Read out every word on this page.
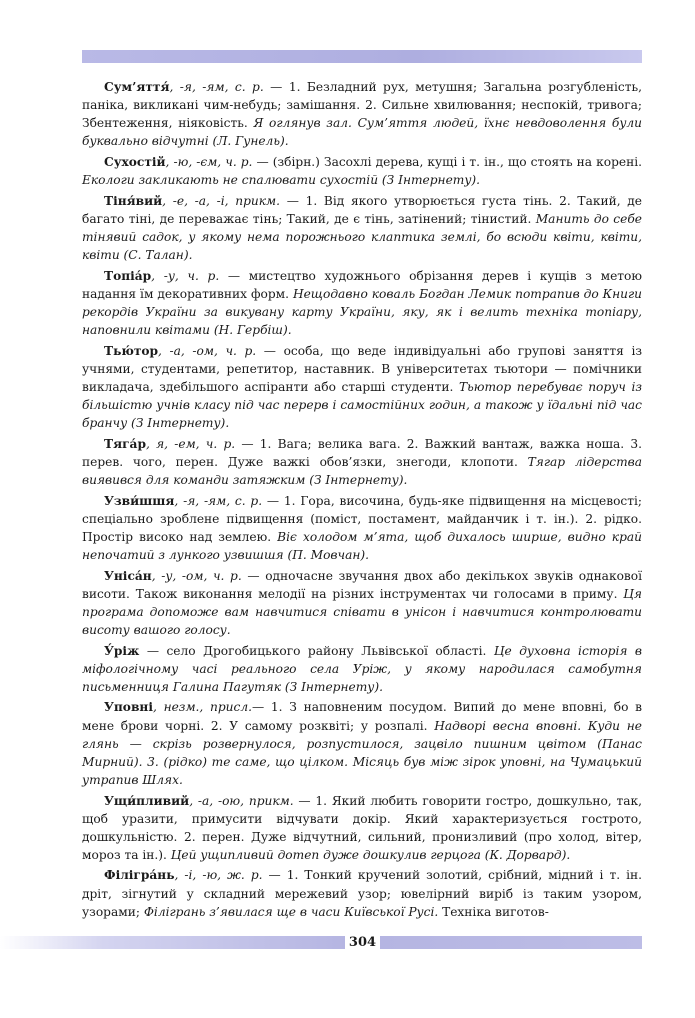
Сум’яття́, -я, -ям, с. р. — 1. Безладний рух, метушня; Загальна розгубленість, паніка, викликані чим-небудь; замішання. 2. Сильне хвилювання; неспокій, тривога; Збентеження, ніяковість. Я оглянув зал. Сум’яття людей, їхнє невдоволення були буквально відчутні (Л. Гунель).

Сухостій, -ю, -єм, ч. р. — (збірн.) Засохлі дерева, кущі і т. ін., що стоять на корені. Екологи закликають не спалювати сухостій (З Інтернету).

Тіня́вий, -е, -а, -і, прикм. — 1. Від якого утворюється густа тінь. 2. Такий, де багато тіні, де переважає тінь; Такий, де є тінь, затінений; тінистий. Манить до себе тінявий садок, у якому нема порожнього клаптика землі, бо всюди квіти, квіти, квіти (С. Талан).

Топіа́р, -у, ч. р. — мистецтво художнього обрізання дерев і кущів з метою надання їм декоративних форм. Нещодавно коваль Богдан Лемик потрапив до Книги рекордів України за викувану карту України, яку, як і велить техніка топіару, наповнили квітами (Н. Гербіш).

Тью́тор, -а, -ом, ч. р. — особа, що веде індивідуальні або групові заняття із учнями, студентами, репетитор, наставник. В університетах тьютори — помічники викладача, здебільшого аспіранти або старші студенти. Тьютор перебуває поруч із більшістю учнів класу під час перерв і самостійних годин, а також у їдальні під час бранчу (З Інтернету).

Тяга́р, я, -ем, ч. р. — 1. Вага; велика вага. 2. Важкий вантаж, важка ноша. 3. перев. чого, перен. Дуже важкі обов’язки, знегоди, клопоти. Тягар лідерства виявився для команди затяжким (З Інтернету).

Узви́шшя, -я, -ям, с. р. — 1. Гора, височина, будь-яке підвищення на місцевості; спеціально зроблене підвищення (поміст, постамент, майданчик і т. ін.). 2. рідко. Простір високо над землею. Віє холодом м’ята, щоб дихалось ширше, видно край непочатий з лункого узвишшя (П. Мовчан).

Уніса́н, -у, -ом, ч. р. — одночасне звучання двох або декількох звуків однакової висоти. Також виконання мелодії на різних інструментах чи голосами в приму. Ця програма допоможе вам навчитися співати в унісон і навчитися контролювати висоту вашого голосу.

У́ріж — село Дрогобицького району Львівської області. Це духовна історія в міфологічному часі реального села Уріж, у якому народилася самобутня письменниця Галина Пагутяк (З Інтернету).

Уповні, незм., присл.— 1. З наповненим посудом. Випий до мене вповні, бо в мене брови чорні. 2. У самому розквіті; у розпалі. Надворі весна вповні. Куди не глянь — скрізь розвернулося, розпустилося, зацвіло пишним цвітом (Панас Мирний). 3. (рідко) те саме, що цілком. Місяць був між зірок уповні, на Чумацький утрапив Шлях.

Ущи́пливий, -а, -ою, прикм. — 1. Який любить говорити гостро, дошкульно, так, щоб уразити, примусити відчувати докір. Який характеризується гострото, дошкульністю. 2. перен. Дуже відчутний, сильний, пронизливий (про холод, вітер, мороз та ін.). Цей ущипливий дотеп дуже дошкулив герцога (К. Дорвард).

Філігра́нь, -і, -ю, ж. р. — 1. Тонкий кручений золотий, срібний, мідний і т. ін. дріт, зігнутий у складний мережевий узор; ювелірний виріб із таким узором, узорами; Філігрань з’явилася ще в часи Київської Русі. Техніка виготов-

304
